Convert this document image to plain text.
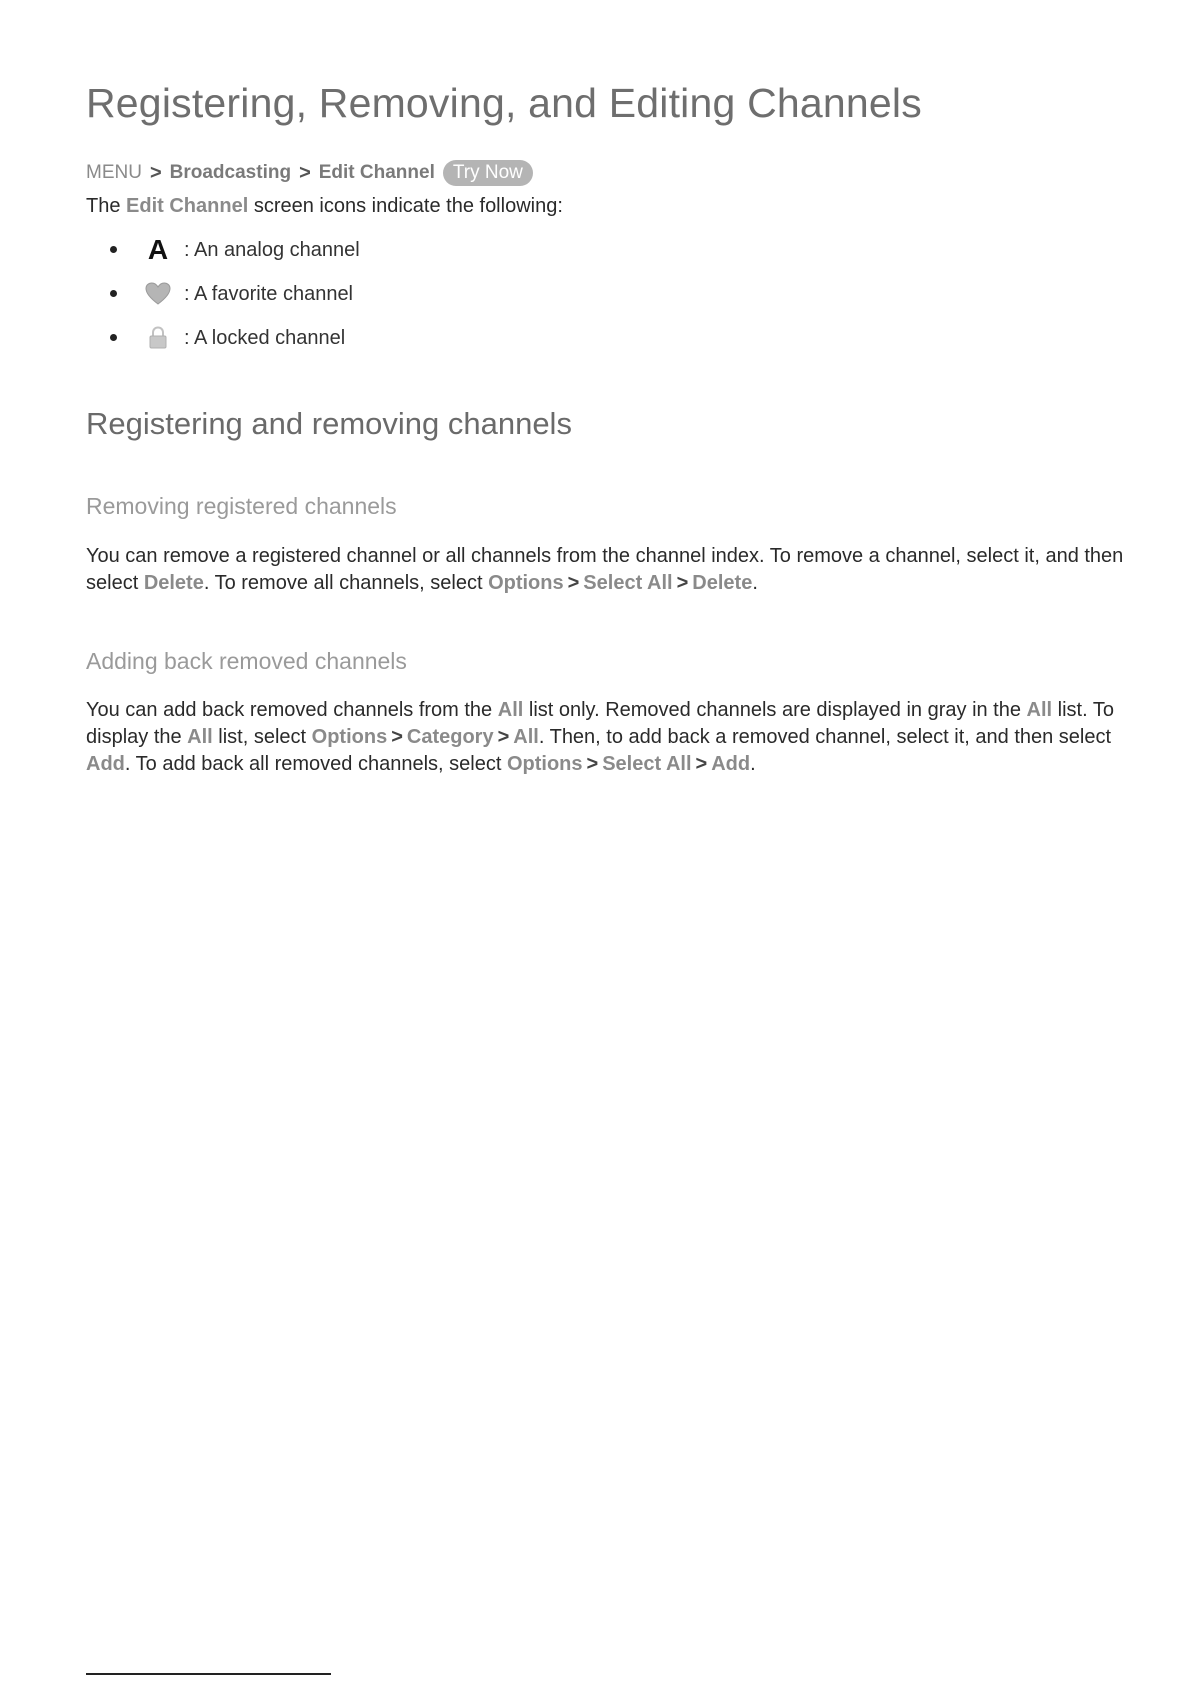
Registering, Removing, and Editing Channels
MENU > Broadcasting > Edit Channel Try Now
The Edit Channel screen icons indicate the following:
A : An analog channel
: A favorite channel
: A locked channel
Registering and removing channels
Removing registered channels

You can remove a registered channel or all channels from the channel index. To remove a channel, select it, and then select Delete. To remove all channels, select Options > Select All > Delete.

Adding back removed channels

You can add back removed channels from the All list only. Removed channels are displayed in gray in the All list. To display the All list, select Options > Category > All. Then, to add back a removed channel, select it, and then select Add. To add back all removed channels, select Options > Select All > Add.
